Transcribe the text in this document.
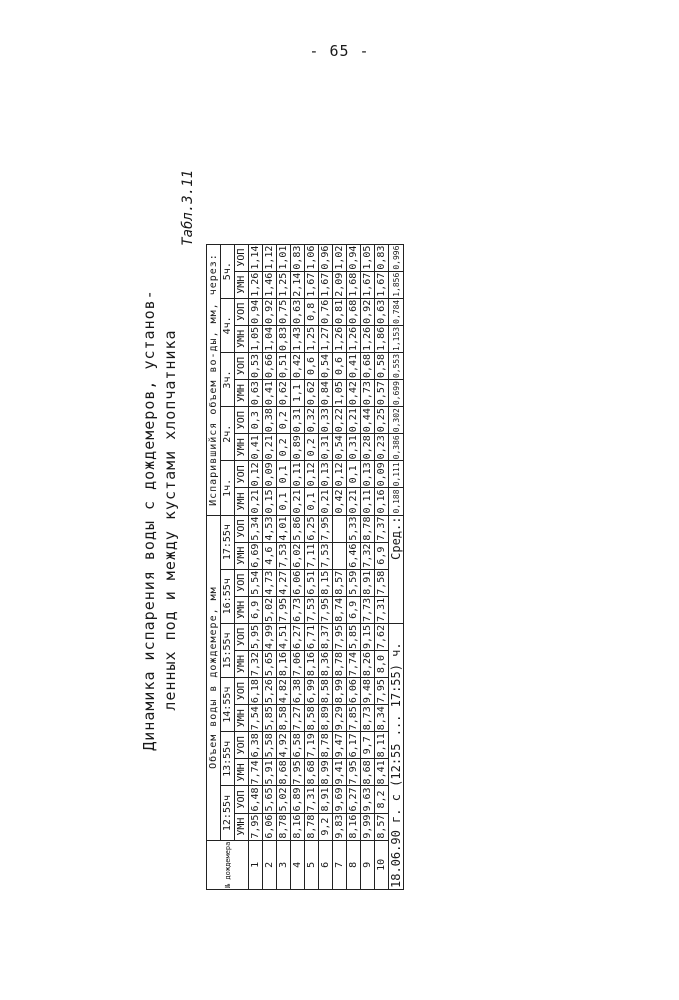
- 65 -
Динамика испарения воды с дождемеров, установ- ленных под и между кустами хлопчатника
Табл.3.11
№ дождемера	Объем воды в дождемере, мм												Испарившийся объем во-ды, мм, через:									
	12:55ч		13:55ч		14:55ч		15:55ч		16:55ч		17:55ч		1ч.		2ч.		3ч.		4ч.		5ч.	
	УМН	УОП	УМН	УОП	УМН	УОП	УМН	УОП	УМН	УОП	УМН	УОП	УМН	УОП	УМН	УОП	УМН	УОП	УМН	УОП	УМН	УОП
1	7,95	6,48	7,74	6,38	7,54	6,18	7,32	5,95	6,9	5,54	6,69	5,34	0,21	0,12	0,41	0,3	0,63	0,53	1,05	0,94	1,26	1,14
2	6,06	5,65	5,91	5,58	5,85	5,26	5,65	4,99	5,02	4,73	4,6	4,53	0,15	0,09	0,21	0,38	0,41	0,66	1,04	0,92	1,46	1,12
3	8,78	5,02	8,68	4,92	8,58	4,82	8,16	4,51	7,95	4,27	7,53	4,01	0,1	0,1	0,2	0,2	0,62	0,51	0,83	0,75	1,25	1,01
4	8,16	6,89	7,95	6,58	7,27	6,38	7,06	6,27	6,73	6,06	6,02	5,86	0,21	0,11	0,89	0,31	1,1	0,42	1,43	0,63	2,14	0,83
5	8,78	7,31	8,68	7,19	8,58	6,99	8,16	6,71	7,53	6,51	7,11	6,25	0,1	0,12	0,2	0,32	0,62	0,6	1,25	0,8	1,67	1,06
6	9,2	8,91	8,99	8,78	8,89	8,58	8,36	8,37	7,95	8,15	7,53	7,95	0,21	0,13	0,31	0,33	0,84	0,54	1,27	0,76	1,67	0,96
7	9,83	9,69	9,41	9,47	9,29	8,99	8,78	7,95	8,74	8,57			0,42	0,12	0,54	0,22	1,05	0,6	1,26	0,81	2,09	1,02
8	8,16	6,27	7,95	6,17	7,85	6,06	7,74	5,85	6,9	5,59	6,46	5,33	0,21	0,1	0,31	0,21	0,42	0,41	1,26	0,68	1,68	0,94
9	9,99	9,63	8,68	9,7	8,73	9,48	8,26	9,15	7,73	8,91	7,32	8,78	0,11	0,13	0,28	0,44	0,73	0,68	1,26	0,92	1,67	1,05
10	8,57	8,2	8,41	8,11	8,34	7,95	8,0	7,62	7,31	7,58	6,9	7,37	0,16	0,09	0,23	0,25	0,57	0,58	1,86	0,63	1,67	0,83
18.06.90 г. с (12:55 ... 17:55) ч.									Сред.:				0,188	0,111	0,386	0,302	0,699	0,553	1,153	0,784	1,856	0,996
